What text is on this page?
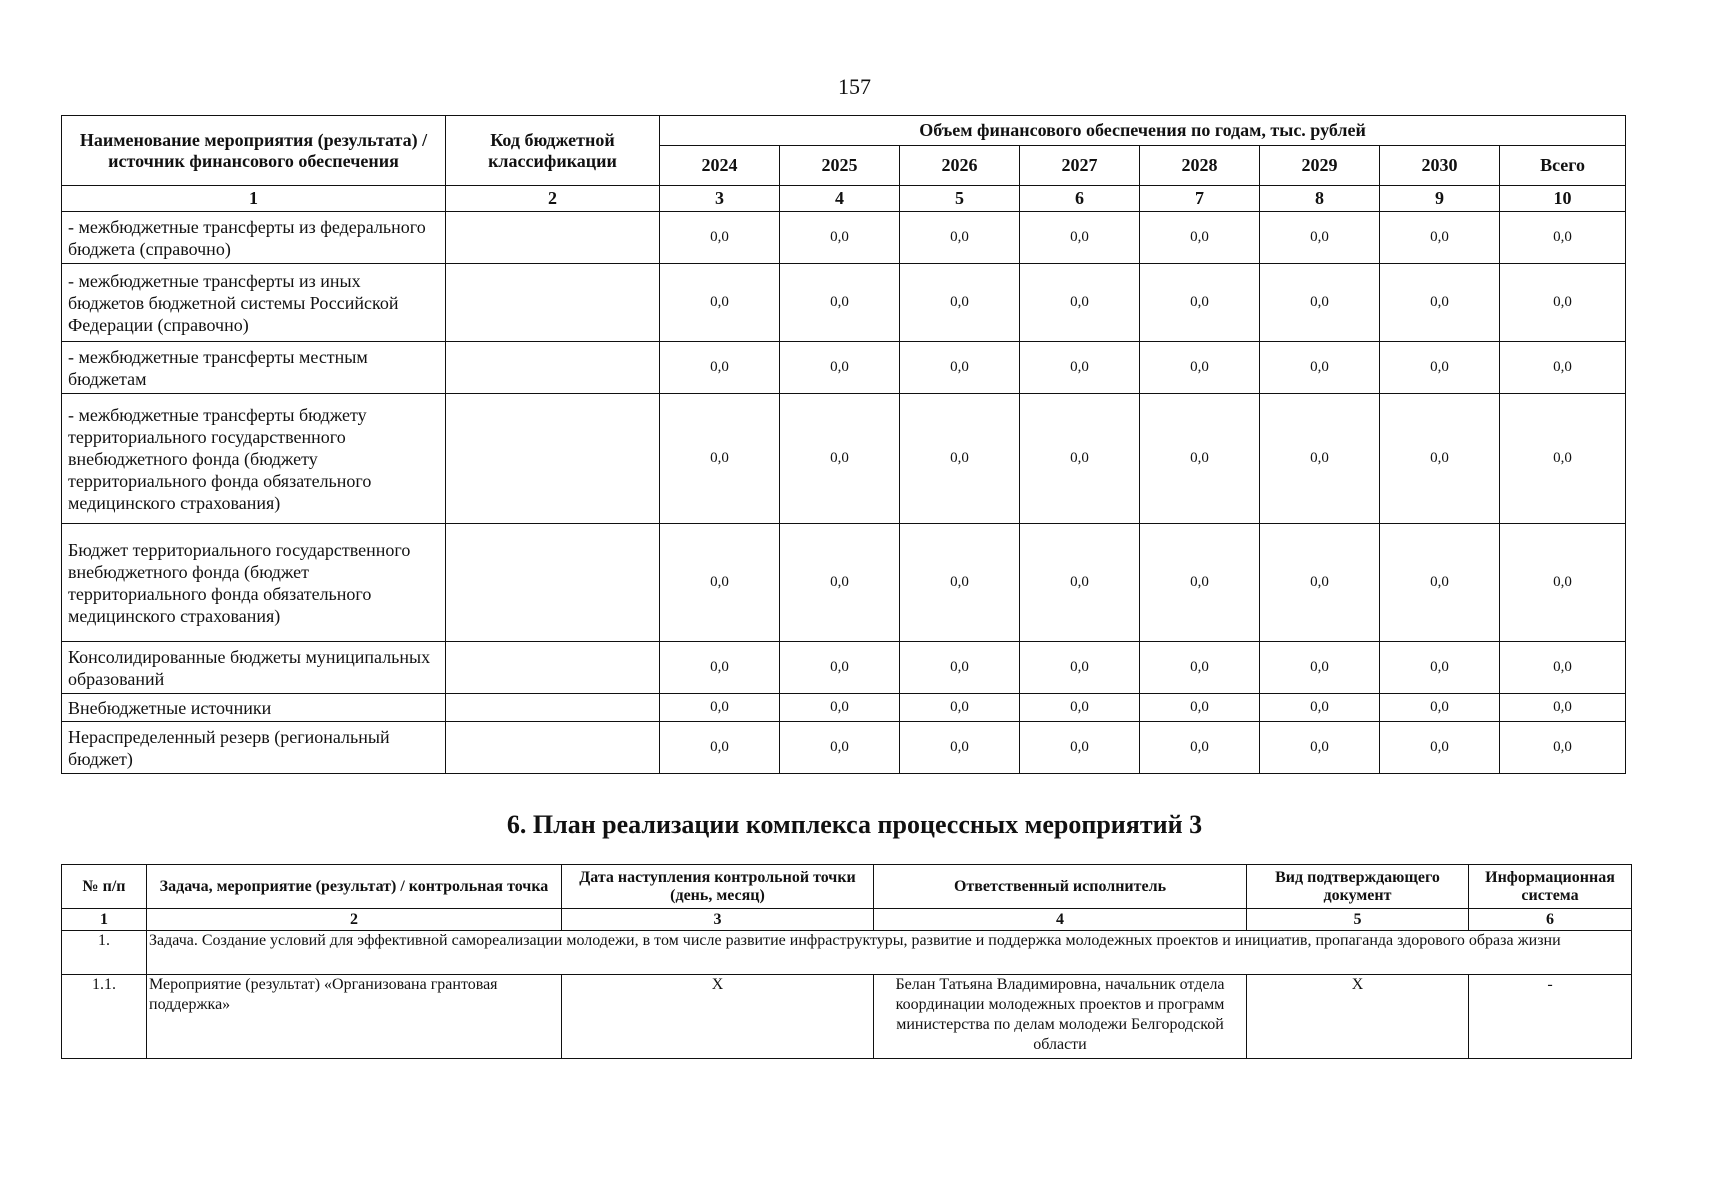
157
Наименование мероприятия (результата) /источник финансового обеспечения	Код бюджетной классификации	Объем финансового обеспечения по годам, тыс. рублей							
		2024	2025	2026	2027	2028	2029	2030	Всего
1	2	3	4	5	6	7	8	9	10
- межбюджетные трансферты из федерального бюджета (справочно)		0,0	0,0	0,0	0,0	0,0	0,0	0,0	0,0
- межбюджетные трансферты из иных бюджетов бюджетной системы Российской Федерации (справочно)		0,0	0,0	0,0	0,0	0,0	0,0	0,0	0,0
- межбюджетные трансферты местным бюджетам		0,0	0,0	0,0	0,0	0,0	0,0	0,0	0,0
- межбюджетные трансферты бюджету территориального государственного внебюджетного фонда (бюджету территориального фонда обязательного медицинского страхования)		0,0	0,0	0,0	0,0	0,0	0,0	0,0	0,0
Бюджет территориального государственного внебюджетного фонда (бюджет территориального фонда обязательного медицинского страхования)		0,0	0,0	0,0	0,0	0,0	0,0	0,0	0,0
Консолидированные бюджеты муниципальных образований		0,0	0,0	0,0	0,0	0,0	0,0	0,0	0,0
Внебюджетные источники		0,0	0,0	0,0	0,0	0,0	0,0	0,0	0,0
Нераспределенный резерв (региональный бюджет)		0,0	0,0	0,0	0,0	0,0	0,0	0,0	0,0
6. План реализации комплекса процессных мероприятий 3
№ п/п	Задача, мероприятие (результат) / контрольная точка	Дата наступления контрольной точки (день, месяц)	Ответственный исполнитель	Вид подтверждающего документ	Информационная система
1	2	3	4	5	6
1.	Задача. Создание условий для эффективной самореализации молодежи, в том числе развитие инфраструктуры, развитие и поддержка молодежных проектов и инициатив, пропаганда здорового образа жизни				
1.1.	Мероприятие (результат) «Организована грантовая поддержка»	Х	Белан Татьяна Владимировна, начальник отдела координации молодежных проектов и программ министерства по делам молодежи Белгородской области	Х	-
